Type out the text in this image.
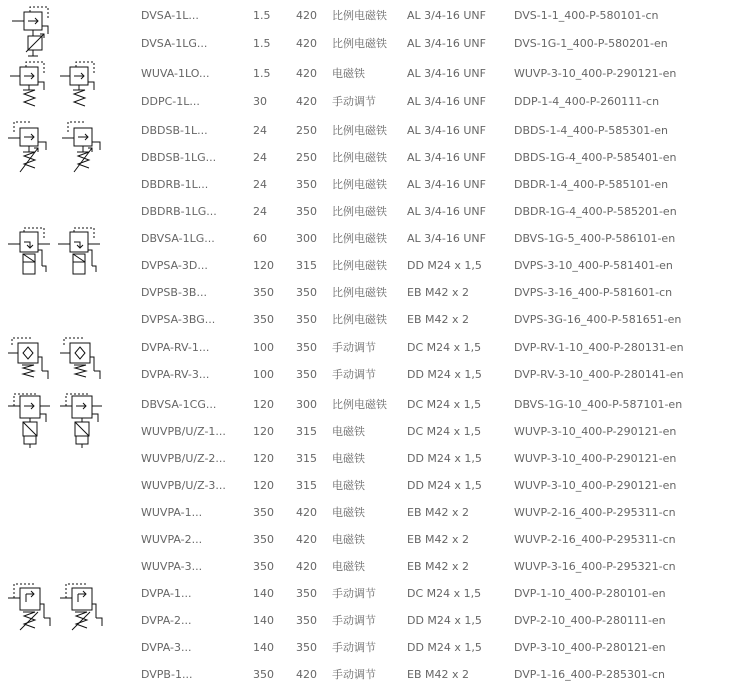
DVSA-1L...	1.5 420 比例电磁铁 AL 3/4-16 UNF	DVS-1-1_400-P-580101-cn
DVSA-1LG...	1.5 420 比例电磁铁 AL 3/4-16 UNF	DVS-1G-1_400-P-580201-en
WUVA-1LO...	1.5 420 电磁铁	AL 3/4-16 UNF	WUVP-3-10_400-P-290121-en
DDPC-1L...	30	420 手动调节	AL 3/4-16 UNF	DDP-1-4_400-P-260111-cn
DBDSB-1L...	24	250 比例电磁铁 AL 3/4-16 UNF	DBDS-1-4_400-P-585301-en
DBDSB-1LG...	24	250 比例电磁铁 AL 3/4-16 UNF	DBDS-1G-4_400-P-585401-en
DBDRB-1L...	24	350 比例电磁铁 AL 3/4-16 UNF	DBDR-1-4_400-P-585101-en
DBDRB-1LG...	24	350 比例电磁铁 AL 3/4-16 UNF	DBDR-1G-4_400-P-585201-en
DBVSA-1LG...	60	300 比例电磁铁 AL 3/4-16 UNF	DBVS-1G-5_400-P-586101-en
DVPSA-3D...	120 315 比例电磁铁 DD M24 x 1,5	DVPS-3-10_400-P-581401-en
DVPSB-3B...	350 350 比例电磁铁 EB M42 x 2	DVPS-3-16_400-P-581601-cn
DVPSA-3BG...	350 350 比例电磁铁 EB M42 x 2	DVPS-3G-16_400-P-581651-en
DVPA-RV-1...	100 350 手动调节	DC M24 x 1,5	DVP-RV-1-10_400-P-280131-en
DVPA-RV-3...	100 350 手动调节	DD M24 x 1,5	DVP-RV-3-10_400-P-280141-en
DBVSA-1CG...	120 300 比例电磁铁 DC M24 x 1,5	DBVS-1G-10_400-P-587101-en
WUVPB/U/Z-1... 120 315 电磁铁	DC M24 x 1,5	WUVP-3-10_400-P-290121-en
WUVPB/U/Z-2... 120 315 电磁铁	DD M24 x 1,5	WUVP-3-10_400-P-290121-en
WUVPB/U/Z-3... 120 315 电磁铁	DD M24 x 1,5	WUVP-3-10_400-P-290121-en
WUVPA-1...	350 420 电磁铁	EB M42 x 2	WUVP-2-16_400-P-295311-cn
WUVPA-2...	350 420 电磁铁	EB M42 x 2	WUVP-2-16_400-P-295311-cn
WUVPA-3...	350 420 电磁铁	EB M42 x 2	WUVP-3-16_400-P-295321-cn
DVPA-1...	140 350 手动调节	DC M24 x 1,5	DVP-1-10_400-P-280101-en
DVPA-2...	140 350 手动调节	DD M24 x 1,5	DVP-2-10_400-P-280111-en
DVPA-3...	140 350 手动调节	DD M24 x 1,5	DVP-3-10_400-P-280121-en
DVPB-1...	350 420 手动调节	EB M42 x 2	DVP-1-16_400-P-285301-cn
